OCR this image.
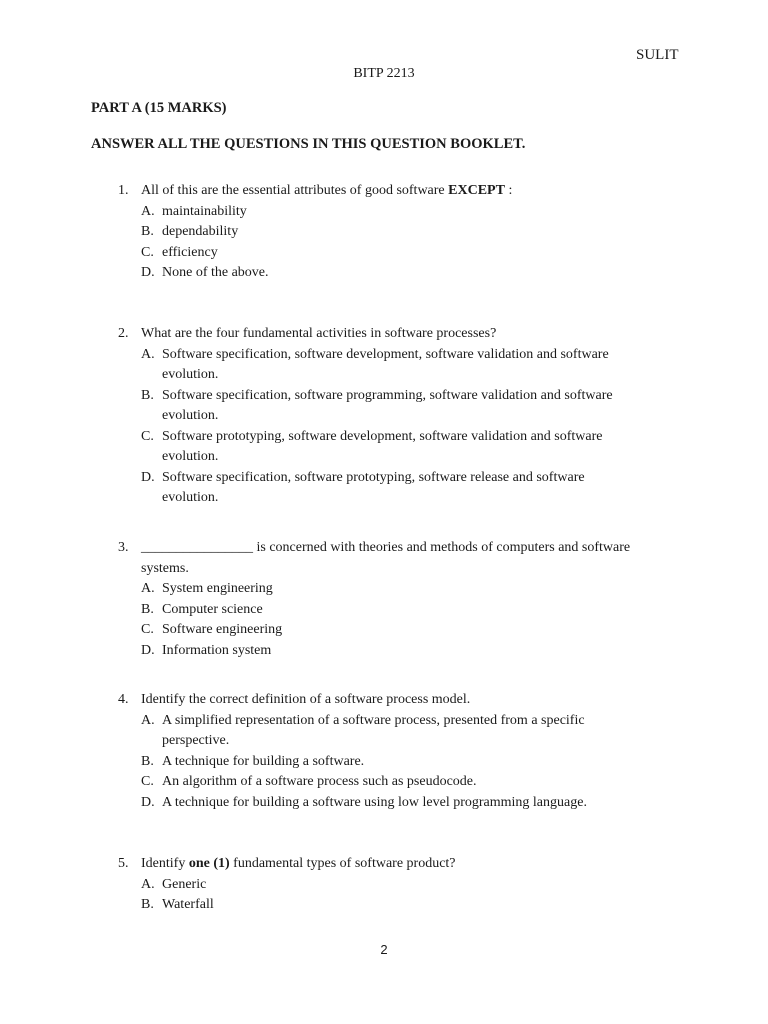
SULIT
BITP 2213
PART A (15 MARKS)
ANSWER ALL THE QUESTIONS IN THIS QUESTION BOOKLET.
1. All of this are the essential attributes of good software EXCEPT :
A. maintainability
B. dependability
C. efficiency
D. None of the above.
2. What are the four fundamental activities in software processes?
A. Software specification, software development, software validation and software
evolution.
B. Software specification, software programming, software validation and software
evolution.
C. Software prototyping, software development, software validation and software
evolution.
D. Software specification, software prototyping, software release and software
evolution.
3. ________________ is concerned with theories and methods of computers and software
systems.
A. System engineering
B. Computer science
C. Software engineering
D. Information system
4. Identify the correct definition of a software process model.
A. A simplified representation of a software process, presented from a specific
perspective.
B. A technique for building a software.
C. An algorithm of a software process such as pseudocode.
D. A technique for building a software using low level programming language.
5. Identify one (1) fundamental types of software product?
A. Generic
B. Waterfall
2
